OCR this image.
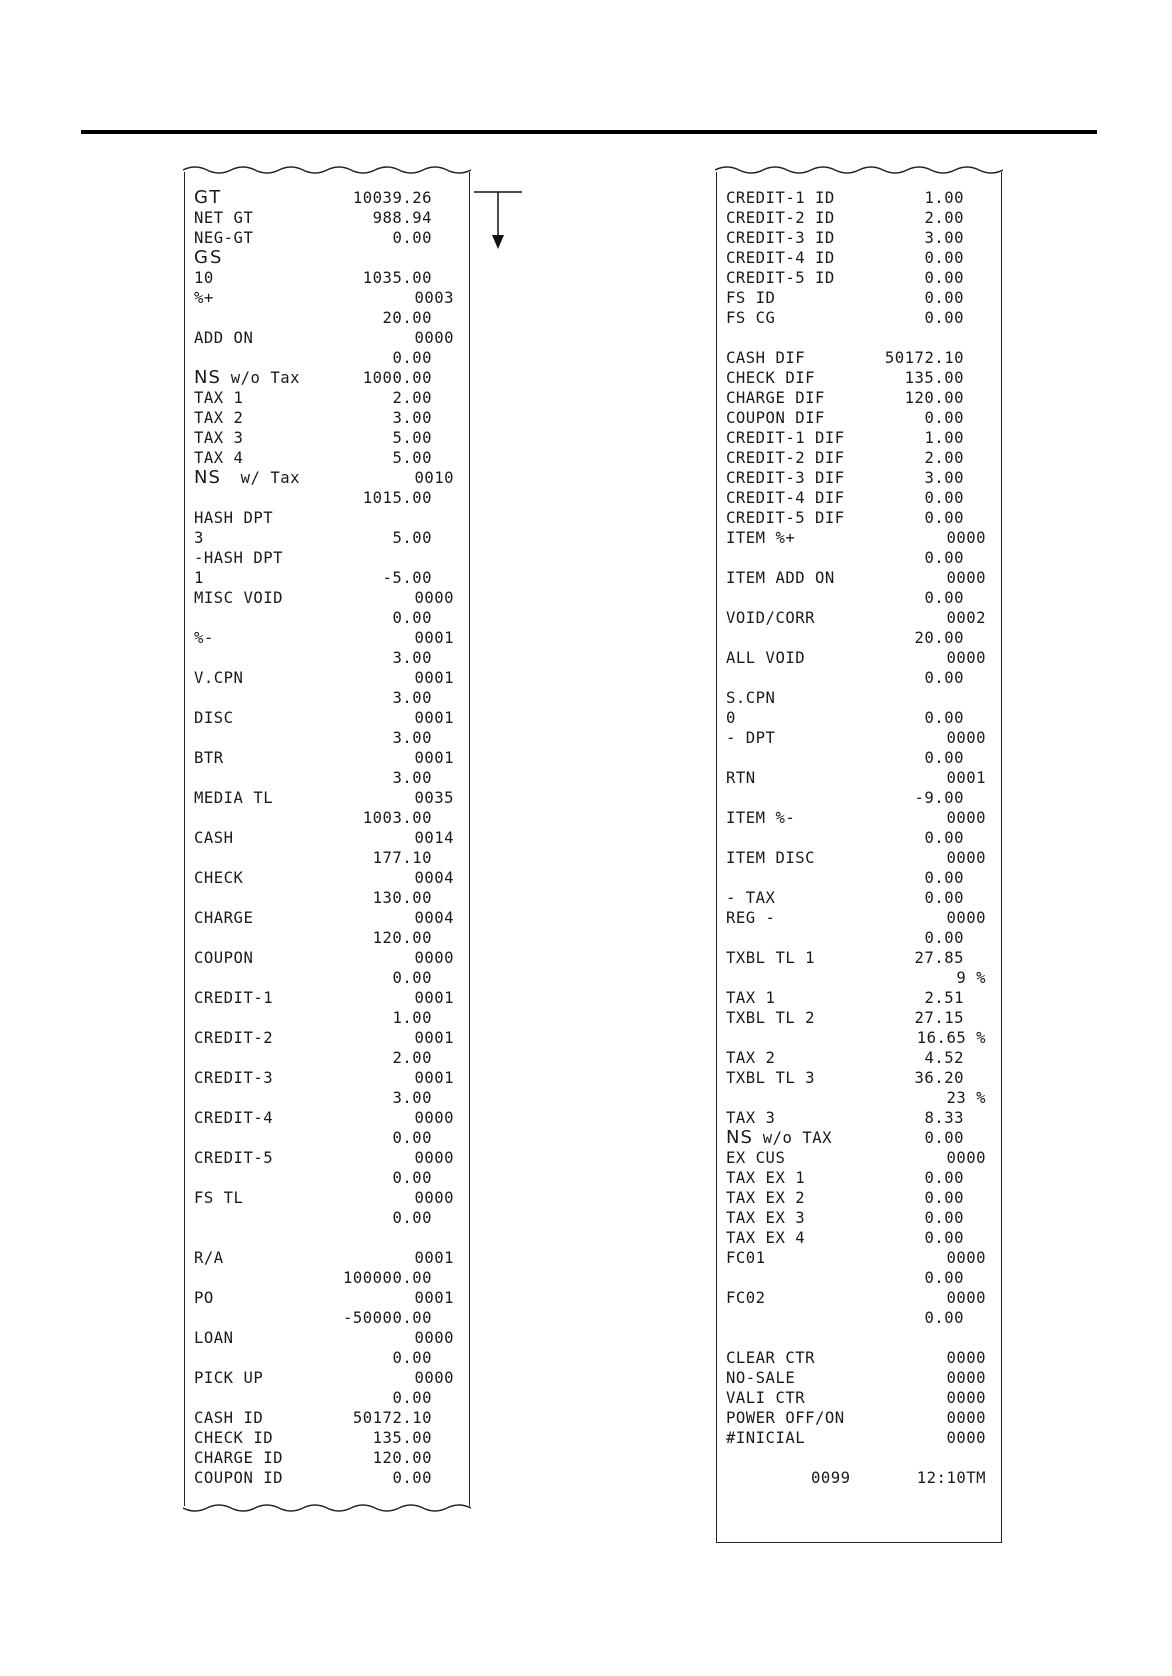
GT	10039.26
NET GT	988.94
NEG-GT	0.00
GS
10	1035.00
%+	0003
20.00
ADD ON	0000
0.00
NS w/o Tax	1000.00
TAX 1	2.00
TAX 2	3.00
TAX 3	5.00
TAX 4	5.00
NS  w/ Tax	0010
1015.00
HASH DPT
3	5.00
-HASH DPT
1	-5.00
MISC VOID	0000
0.00
%-	0001
3.00
V.CPN	0001
3.00
DISC	0001
3.00
BTR	0001
3.00
MEDIA TL	0035
1003.00
CASH	0014
177.10
CHECK	0004
130.00
CHARGE	0004
120.00
COUPON	0000
0.00
CREDIT-1	0001
1.00
CREDIT-2	0001
2.00
CREDIT-3	0001
3.00
CREDIT-4	0000
0.00
CREDIT-5	0000
0.00
FS TL	0000
0.00
R/A	0001
100000.00
PO	0001
-50000.00
LOAN	0000
0.00
PICK UP	0000
0.00
CASH ID	50172.10
CHECK ID	135.00
CHARGE ID	120.00
COUPON ID	0.00
CREDIT-1 ID	1.00
CREDIT-2 ID	2.00
CREDIT-3 ID	3.00
CREDIT-4 ID	0.00
CREDIT-5 ID	0.00
FS ID	0.00
FS CG	0.00
CASH DIF	50172.10
CHECK DIF	135.00
CHARGE DIF	120.00
COUPON DIF	0.00
CREDIT-1 DIF	1.00
CREDIT-2 DIF	2.00
CREDIT-3 DIF	3.00
CREDIT-4 DIF	0.00
CREDIT-5 DIF	0.00
ITEM %+	0000
0.00
ITEM ADD ON	0000
0.00
VOID/CORR	0002
20.00
ALL VOID	0000
0.00
S.CPN
0	0.00
- DPT	0000
0.00
RTN	0001
-9.00
ITEM %-	0000
0.00
ITEM DISC	0000
0.00
- TAX	0.00
REG -	0000
0.00
TXBL TL 1	27.85
9 %
TAX 1	2.51
TXBL TL 2	27.15
16.65 %
TAX 2	4.52
TXBL TL 3	36.20
23 %
TAX 3	8.33
NS w/o TAX	0.00
EX CUS	0000
TAX EX 1	0.00
TAX EX 2	0.00
TAX EX 3	0.00
TAX EX 4	0.00
FC01	0000
0.00
FC02	0000
0.00
CLEAR CTR	0000
NO-SALE	0000
VALI CTR	0000
POWER OFF/ON	0000
#INICIAL	0000
0099	12:10TM
